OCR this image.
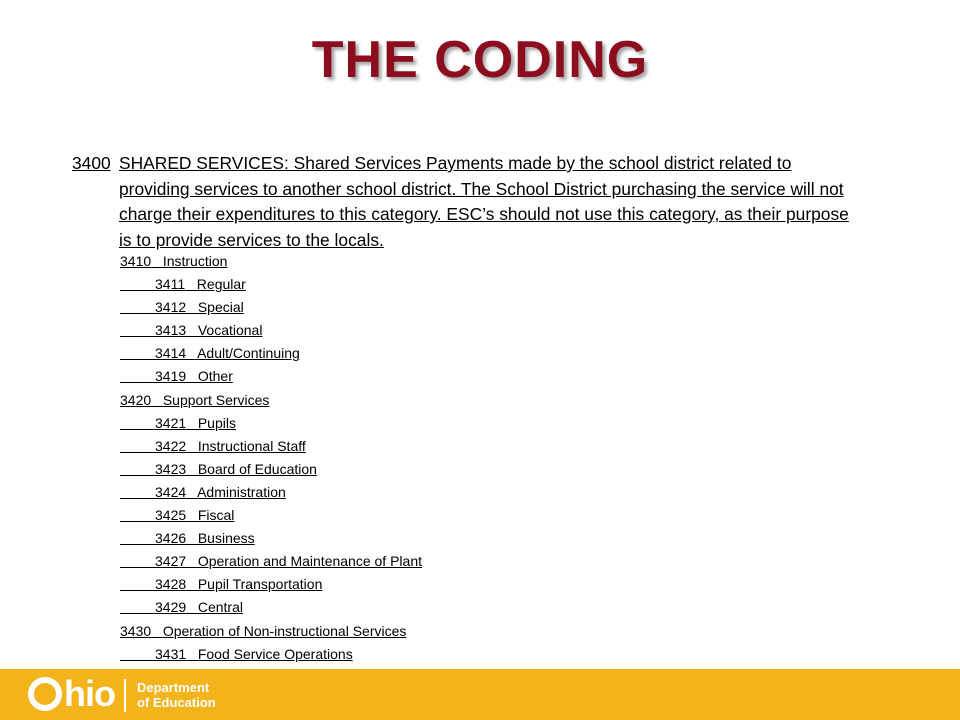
THE CODING
3400 SHARED SERVICES: Shared Services Payments made by the school district related to providing services to another school district. The School District purchasing the service will not charge their expenditures to this category. ESC’s should not use this category, as their purpose is to provide services to the locals.
3410 Instruction
3411 Regular
3412 Special
3413 Vocational
3414 Adult/Continuing
3419 Other
3420 Support Services
3421 Pupils
3422 Instructional Staff
3423 Board of Education
3424 Administration
3425 Fiscal
3426 Business
3427 Operation and Maintenance of Plant
3428 Pupil Transportation
3429 Central
3430 Operation of Non-instructional Services
3431 Food Service Operations
hio Department
of Education
